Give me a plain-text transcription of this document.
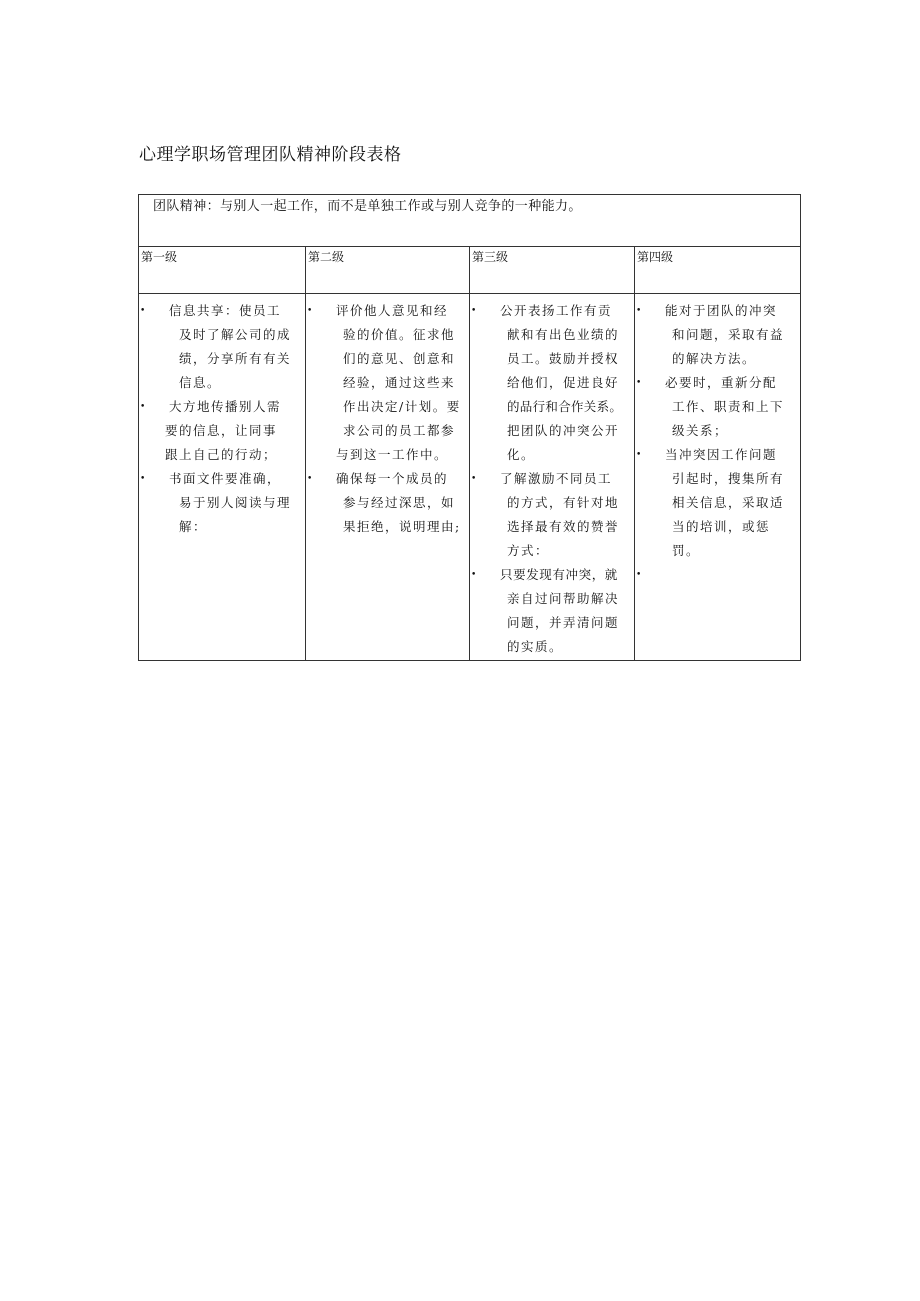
心理学职场管理团队精神阶段表格
团队精神：与别人一起工作，而不是单独工作或与别人竞争的一种能力。
第一级
• 信息共享：使员工
及时了解公司的成
绩，分享所有有关
信息。
• 大方地传播别人需
要的信息，让同事
跟上自己的行动；
• 书面文件要准确，
易于别人阅读与理
解：
第二级
• 评价他人意见和经
验的价值。征求他
们的意见、创意和
经验，通过这些来
作出决定/计划。要
求公司的员工都参
与到这一工作中。
• 确保每一个成员的
参与经过深思，如
果拒绝，说明理由;
第三级
• 公开表扬工作有贡
献和有出色业绩的
员工。鼓励并授权
给他们，促进良好
的品行和合作关系。
把团队的冲突公开
化。
• 了解激励不同员工
的方式，有针对地
选择最有效的赞誉
方式：
• 只要发现有冲突，就
亲自过问帮助解决
问题，并弄清问题
的实质。
第四级
• 能对于团队的冲突
和问题，采取有益
的解决方法。
• 必要时，重新分配
工作、职责和上下
级关系；
• 当冲突因工作问题
引起时，搜集所有
相关信息，采取适
当的培训，或惩
罚。
•
